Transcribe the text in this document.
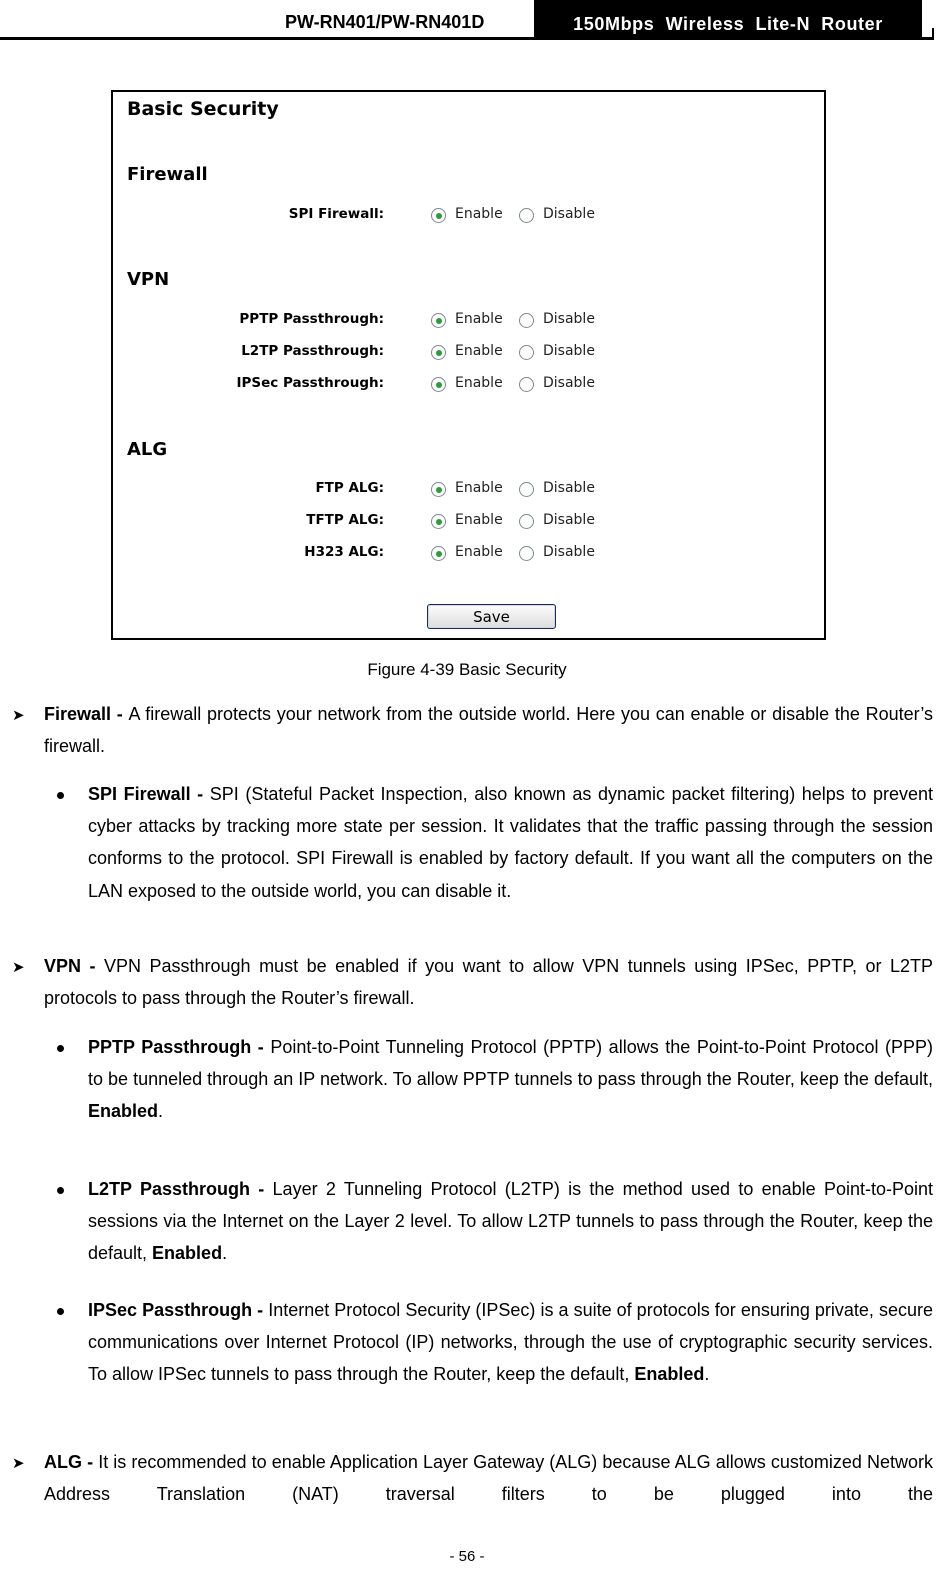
PW-RN401/PW-RN401D	150Mbps  Wireless  Lite-N  Router
Basic Security
Firewall
SPI Firewall:	Enable	Disable
VPN
PPTP Passthrough:	Enable	Disable
L2TP Passthrough:	Enable	Disable
IPSec Passthrough:	Enable	Disable
ALG
FTP ALG:	Enable	Disable
TFTP ALG:	Enable	Disable
H323 ALG:	Enable	Disable
Save
Figure 4-39 Basic Security
➤ Firewall - A firewall protects your network from the outside world. Here you can enable or disable the Router’s firewall.
SPI Firewall - SPI (Stateful Packet Inspection, also known as dynamic packet filtering) helps to prevent cyber attacks by tracking more state per session. It validates that the traffic passing through the session conforms to the protocol. SPI Firewall is enabled by factory default. If you want all the computers on the LAN exposed to the outside world, you can disable it.
➤ VPN - VPN Passthrough must be enabled if you want to allow VPN tunnels using IPSec, PPTP, or L2TP protocols to pass through the Router’s firewall.
PPTP Passthrough - Point-to-Point Tunneling Protocol (PPTP) allows the Point-to-Point Protocol (PPP) to be tunneled through an IP network. To allow PPTP tunnels to pass through the Router, keep the default, Enabled.
L2TP Passthrough - Layer 2 Tunneling Protocol (L2TP) is the method used to enable Point-to-Point sessions via the Internet on the Layer 2 level. To allow L2TP tunnels to pass through the Router, keep the default, Enabled.
IPSec Passthrough - Internet Protocol Security (IPSec) is a suite of protocols for ensuring private, secure communications over Internet Protocol (IP) networks, through the use of cryptographic security services. To allow IPSec tunnels to pass through the Router, keep the default, Enabled.
➤ ALG - It is recommended to enable Application Layer Gateway (ALG) because ALG allows customized Network Address Translation (NAT) traversal filters to be plugged into the
- 56 -
